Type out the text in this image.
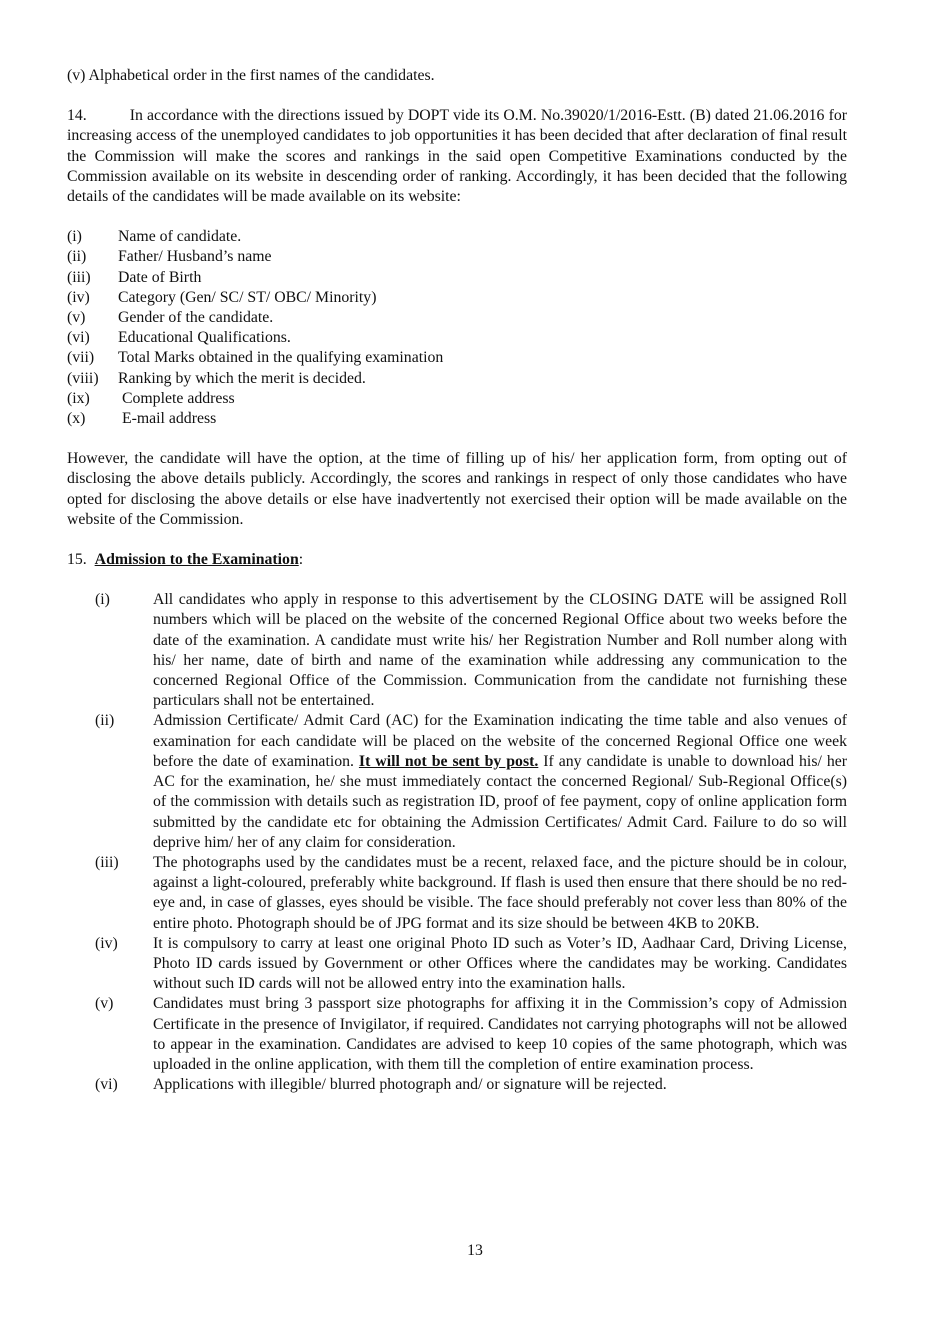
(v) Alphabetical order in the first names of the candidates.

14.	In accordance with the directions issued by DOPT vide its O.M. No.39020/1/2016-Estt. (B) dated 21.06.2016 for increasing access of the unemployed candidates to job opportunities it has been decided that after declaration of final result the Commission will make the scores and rankings in the said open Competitive Examinations conducted by the Commission available on its website in descending order of ranking. Accordingly, it has been decided that the following details of the candidates will be made available on its website:

(i)	Name of candidate.
(ii)	Father/ Husband’s name
(iii)	Date of Birth
(iv)	Category (Gen/ SC/ ST/ OBC/ Minority)
(v)	Gender of the candidate.
(vi)	Educational Qualifications.
(vii)	Total Marks obtained in the qualifying examination
(viii)	Ranking by which the merit is decided.
(ix)	Complete address
(x)	E-mail address

However, the candidate will have the option, at the time of filling up of his/ her application form, from opting out of disclosing the above details publicly. Accordingly, the scores and rankings in respect of only those candidates who have opted for disclosing the above details or else have inadvertently not exercised their option will be made available on the website of the Commission.

15. Admission to the Examination:

(i)	All candidates who apply in response to this advertisement by the CLOSING DATE will be assigned Roll numbers which will be placed on the website of the concerned Regional Office about two weeks before the date of the examination. A candidate must write his/ her Registration Number and Roll number along with his/ her name, date of birth and name of the examination while addressing any communication to the concerned Regional Office of the Commission. Communication from the candidate not furnishing these particulars shall not be entertained.
(ii)	Admission Certificate/ Admit Card (AC) for the Examination indicating the time table and also venues of examination for each candidate will be placed on the website of the concerned Regional Office one week before the date of examination. It will not be sent by post. If any candidate is unable to download his/ her AC for the examination, he/ she must immediately contact the concerned Regional/ Sub-Regional Office(s) of the commission with details such as registration ID, proof of fee payment, copy of online application form submitted by the candidate etc for obtaining the Admission Certificates/ Admit Card. Failure to do so will deprive him/ her of any claim for consideration.
(iii)	The photographs used by the candidates must be a recent, relaxed face, and the picture should be in colour, against a light-coloured, preferably white background. If flash is used then ensure that there should be no red-eye and, in case of glasses, eyes should be visible. The face should preferably not cover less than 80% of the entire photo. Photograph should be of JPG format and its size should be between 4KB to 20KB.
(iv)	It is compulsory to carry at least one original Photo ID such as Voter’s ID, Aadhaar Card, Driving License, Photo ID cards issued by Government or other Offices where the candidates may be working. Candidates without such ID cards will not be allowed entry into the examination halls.
(v)	Candidates must bring 3 passport size photographs for affixing it in the Commission’s copy of Admission Certificate in the presence of Invigilator, if required. Candidates not carrying photographs will not be allowed to appear in the examination. Candidates are advised to keep 10 copies of the same photograph, which was uploaded in the online application, with them till the completion of entire examination process.
(vi)	Applications with illegible/ blurred photograph and/ or signature will be rejected.
13
